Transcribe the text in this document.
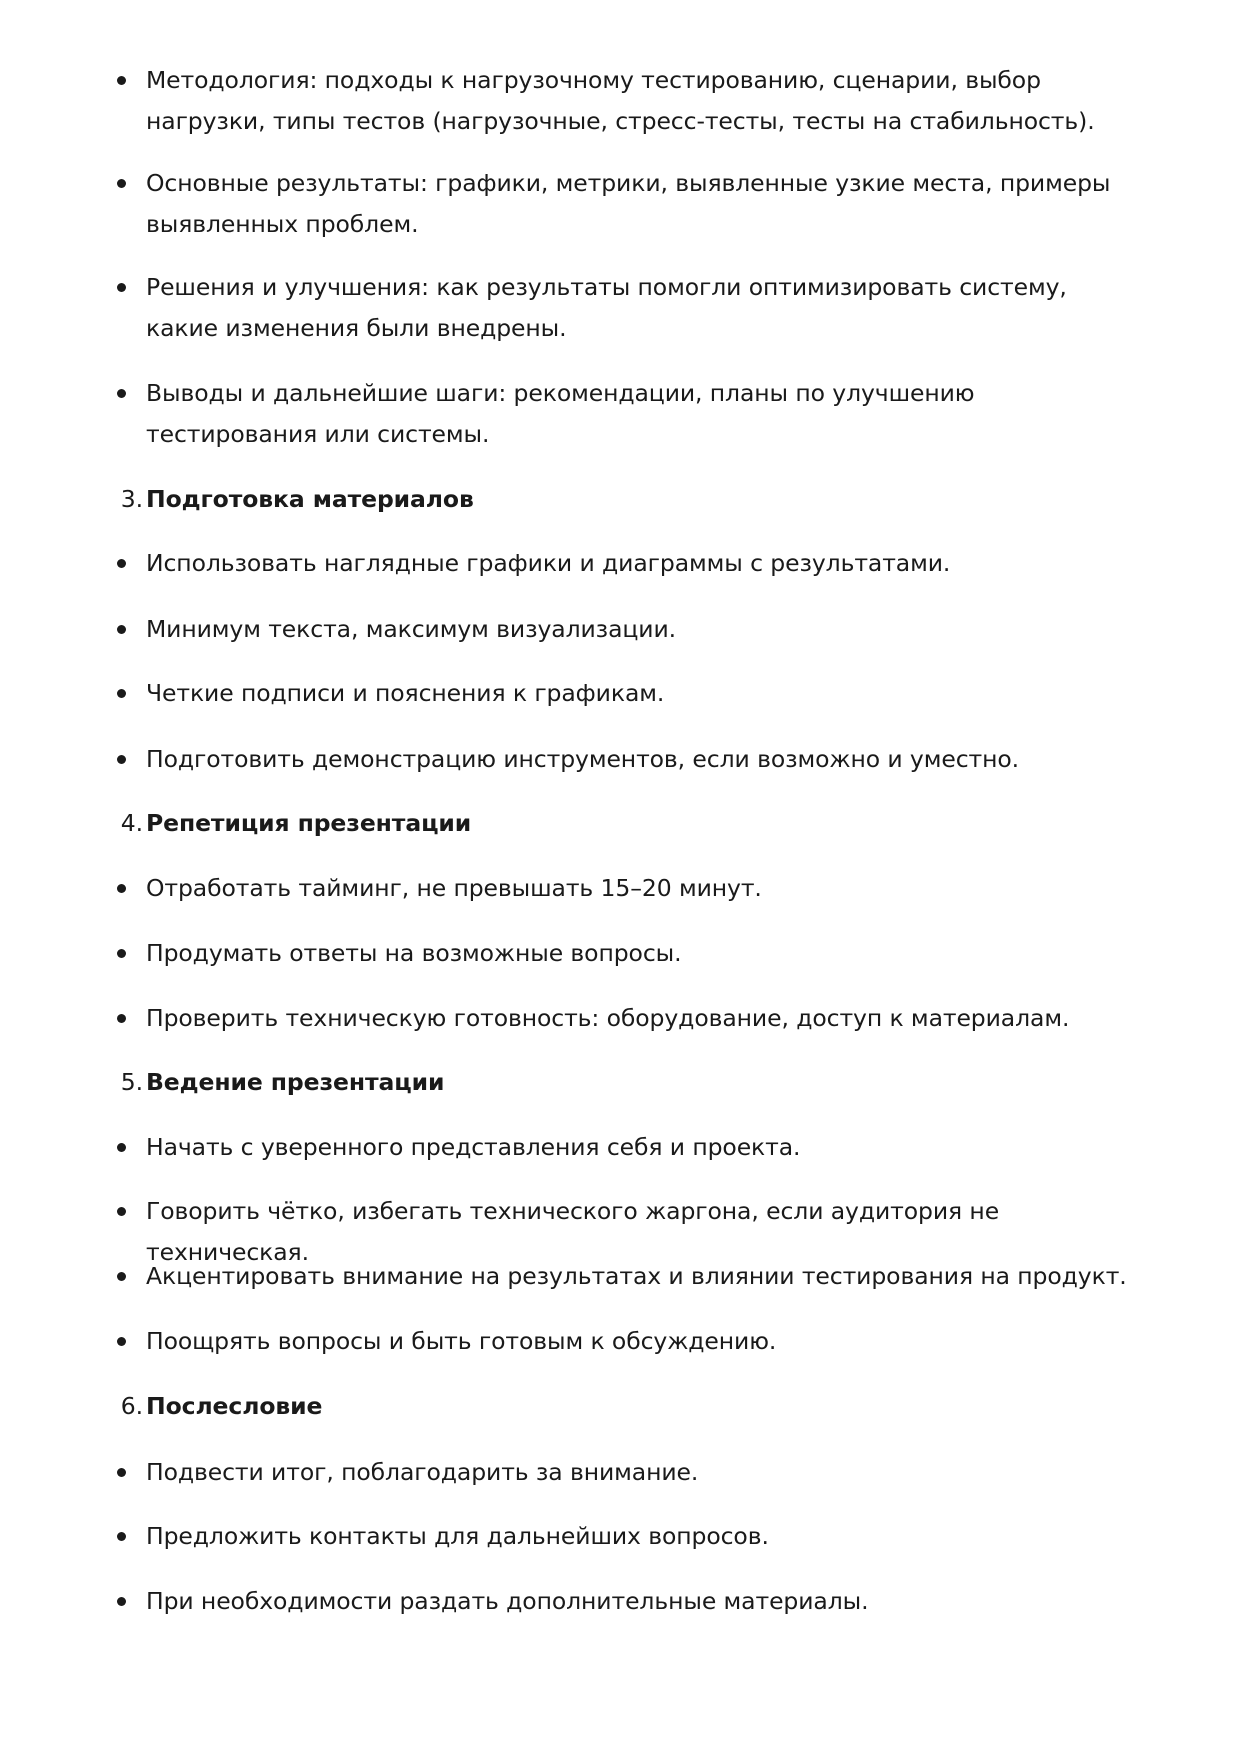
Методология: подходы к нагрузочному тестированию, сценарии, выбор нагрузки, типы тестов (нагрузочные, стресс-тесты, тесты на стабильность).
Основные результаты: графики, метрики, выявленные узкие места, примеры выявленных проблем.
Решения и улучшения: как результаты помогли оптимизировать систему, какие изменения были внедрены.
Выводы и дальнейшие шаги: рекомендации, планы по улучшению тестирования или системы.
3. Подготовка материалов
Использовать наглядные графики и диаграммы с результатами.
Минимум текста, максимум визуализации.
Четкие подписи и пояснения к графикам.
Подготовить демонстрацию инструментов, если возможно и уместно.
4. Репетиция презентации
Отработать тайминг, не превышать 15–20 минут.
Продумать ответы на возможные вопросы.
Проверить техническую готовность: оборудование, доступ к материалам.
5. Ведение презентации
Начать с уверенного представления себя и проекта.
Говорить чётко, избегать технического жаргона, если аудитория не техническая.
Акцентировать внимание на результатах и влиянии тестирования на продукт.
Поощрять вопросы и быть готовым к обсуждению.
6. Послесловие
Подвести итог, поблагодарить за внимание.
Предложить контакты для дальнейших вопросов.
При необходимости раздать дополнительные материалы.
